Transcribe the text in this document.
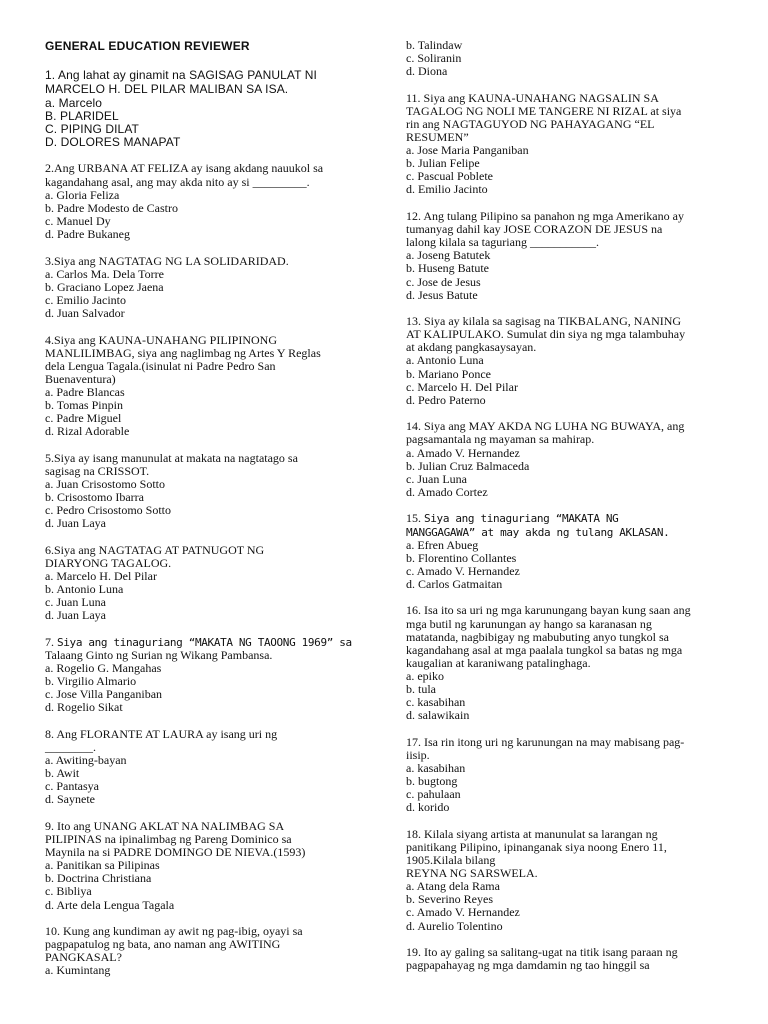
GENERAL EDUCATION REVIEWER
1. Ang lahat ay ginamit na SAGISAG PANULAT NI
MARCELO H. DEL PILAR MALIBAN SA ISA.
a. Marcelo
B. PLARIDEL
C. PIPING DILAT
D. DOLORES MANAPAT
2.Ang URBANA AT FELIZA ay isang akdang nauukol sa
kagandahang asal, ang may akda nito ay si _________.
a. Gloria Feliza
b. Padre Modesto de Castro
c. Manuel Dy
d. Padre Bukaneg
3.Siya ang NAGTATAG NG LA SOLIDARIDAD.
a. Carlos Ma. Dela Torre
b. Graciano Lopez Jaena
c. Emilio Jacinto
d. Juan Salvador
4.Siya ang KAUNA-UNAHANG PILIPINONG
MANLILIMBAG, siya ang naglimbag ng Artes Y Reglas
dela Lengua Tagala.(isinulat ni Padre Pedro San
Buenaventura)
a. Padre Blancas
b. Tomas Pinpin
c. Padre Miguel
d. Rizal Adorable
5.Siya ay isang manunulat at makata na nagtatago sa
sagisag na CRISSOT.
a. Juan Crisostomo Sotto
b. Crisostomo Ibarra
c. Pedro Crisostomo Sotto
d. Juan Laya
6.Siya ang NAGTATAG AT PATNUGOT NG
DIARYONG TAGALOG.
a. Marcelo H. Del Pilar
b. Antonio Luna
c. Juan Luna
d. Juan Laya
7. Siya ang tinaguriang “MAKATA NG TAOONG 1969” sa
Talaang Ginto ng Surian ng Wikang Pambansa.
a. Rogelio G. Mangahas
b. Virgilio Almario
c. Jose Villa Panganiban
d. Rogelio Sikat
8. Ang FLORANTE AT LAURA ay isang uri ng
________.
a. Awiting-bayan
b. Awit
c. Pantasya
d. Saynete
9. Ito ang UNANG AKLAT NA NALIMBAG SA
PILIPINAS na ipinalimbag ng Pareng Dominico sa
Maynila na si PADRE DOMINGO DE NIEVA.(1593)
a. Panitikan sa Pilipinas
b. Doctrina Christiana
c. Bibliya
d. Arte dela Lengua Tagala
10. Kung ang kundiman ay awit ng pag-ibig, oyayi sa
pagpapatulog ng bata, ano naman ang AWITING
PANGKASAL?
a. Kumintang
b. Talindaw
c. Soliranin
d. Diona
11. Siya ang KAUNA-UNAHANG NAGSALIN SA
TAGALOG NG NOLI ME TANGERE NI RIZAL at siya
rin ang NAGTAGUYOD NG PAHAYAGANG “EL
RESUMEN”
a. Jose Maria Panganiban
b. Julian Felipe
c. Pascual Poblete
d. Emilio Jacinto
12. Ang tulang Pilipino sa panahon ng mga Amerikano ay
tumanyag dahil kay JOSE CORAZON DE JESUS na
lalong kilala sa taguriang ___________.
a. Joseng Batutek
b. Huseng Batute
c. Jose de Jesus
d. Jesus Batute
13. Siya ay kilala sa sagisag na TIKBALANG, NANING
AT KALIPULAKO. Sumulat din siya ng mga talambuhay
at akdang pangkasaysayan.
a. Antonio Luna
b. Mariano Ponce
c. Marcelo H. Del Pilar
d. Pedro Paterno
14. Siya ang MAY AKDA NG LUHA NG BUWAYA, ang
pagsamantala ng mayaman sa mahirap.
a. Amado V. Hernandez
b. Julian Cruz Balmaceda
c. Juan Luna
d. Amado Cortez
15. Siya ang tinaguriang “MAKATA NG
MANGGAGAWA” at may akda ng tulang AKLASAN.
a. Efren Abueg
b. Florentino Collantes
c. Amado V. Hernandez
d. Carlos Gatmaitan
16. Isa ito sa uri ng mga karunungang bayan kung saan ang
mga butil ng karunungan ay hango sa karanasan ng
matatanda, nagbibigay ng mabubuting anyo tungkol sa
kagandahang asal at mga paalala tungkol sa batas ng mga
kaugalian at karaniwang patalinghaga.
a. epiko
b. tula
c. kasabihan
d. salawikain
17. Isa rin itong uri ng karunungan na may mabisang pag-
iisip.
a. kasabihan
b. bugtong
c. pahulaan
d. korido
18. Kilala siyang artista at manunulat sa larangan ng
panitikang Pilipino, ipinanganak siya noong Enero 11,
1905.Kilala bilang
REYNA NG SARSWELA.
a. Atang dela Rama
b. Severino Reyes
c. Amado V. Hernandez
d. Aurelio Tolentino
19. Ito ay galing sa salitang-ugat na titik isang paraan ng
pagpapahayag ng mga damdamin ng tao hinggil sa
